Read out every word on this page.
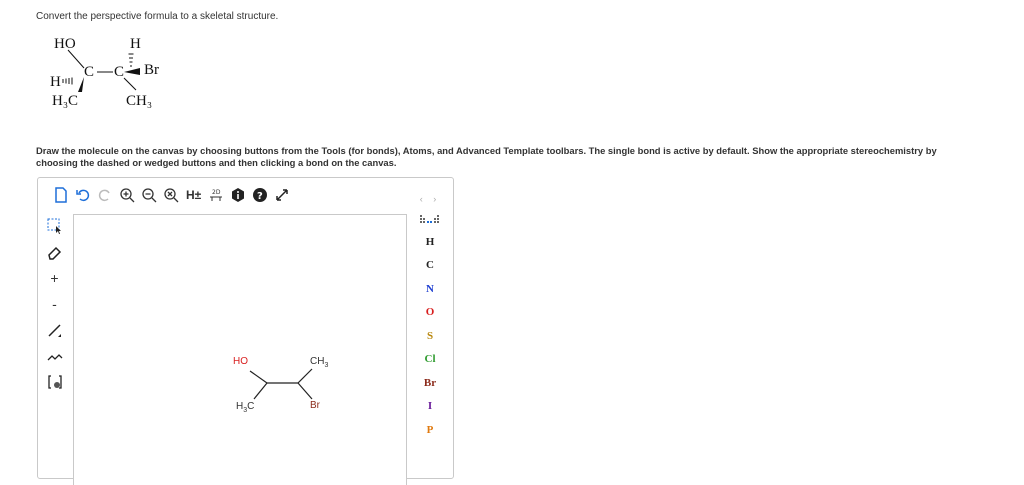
Convert the perspective formula to a skeletal structure.
HO	H
C C Br
H
H₃C	CH₃
Draw the molecule on the canvas by choosing buttons from the Tools (for bonds), Atoms, and Advanced Template toolbars. The single bond is active by default. Show the appropriate stereochemistry by
choosing the dashed or wedged buttons and then clicking a bond on the canvas.
H±	2D	?
+
-
HO	$CH_3$
$H_3C$	Br
‹ ›
H
C
N
O
S
Cl
Br
I
P
